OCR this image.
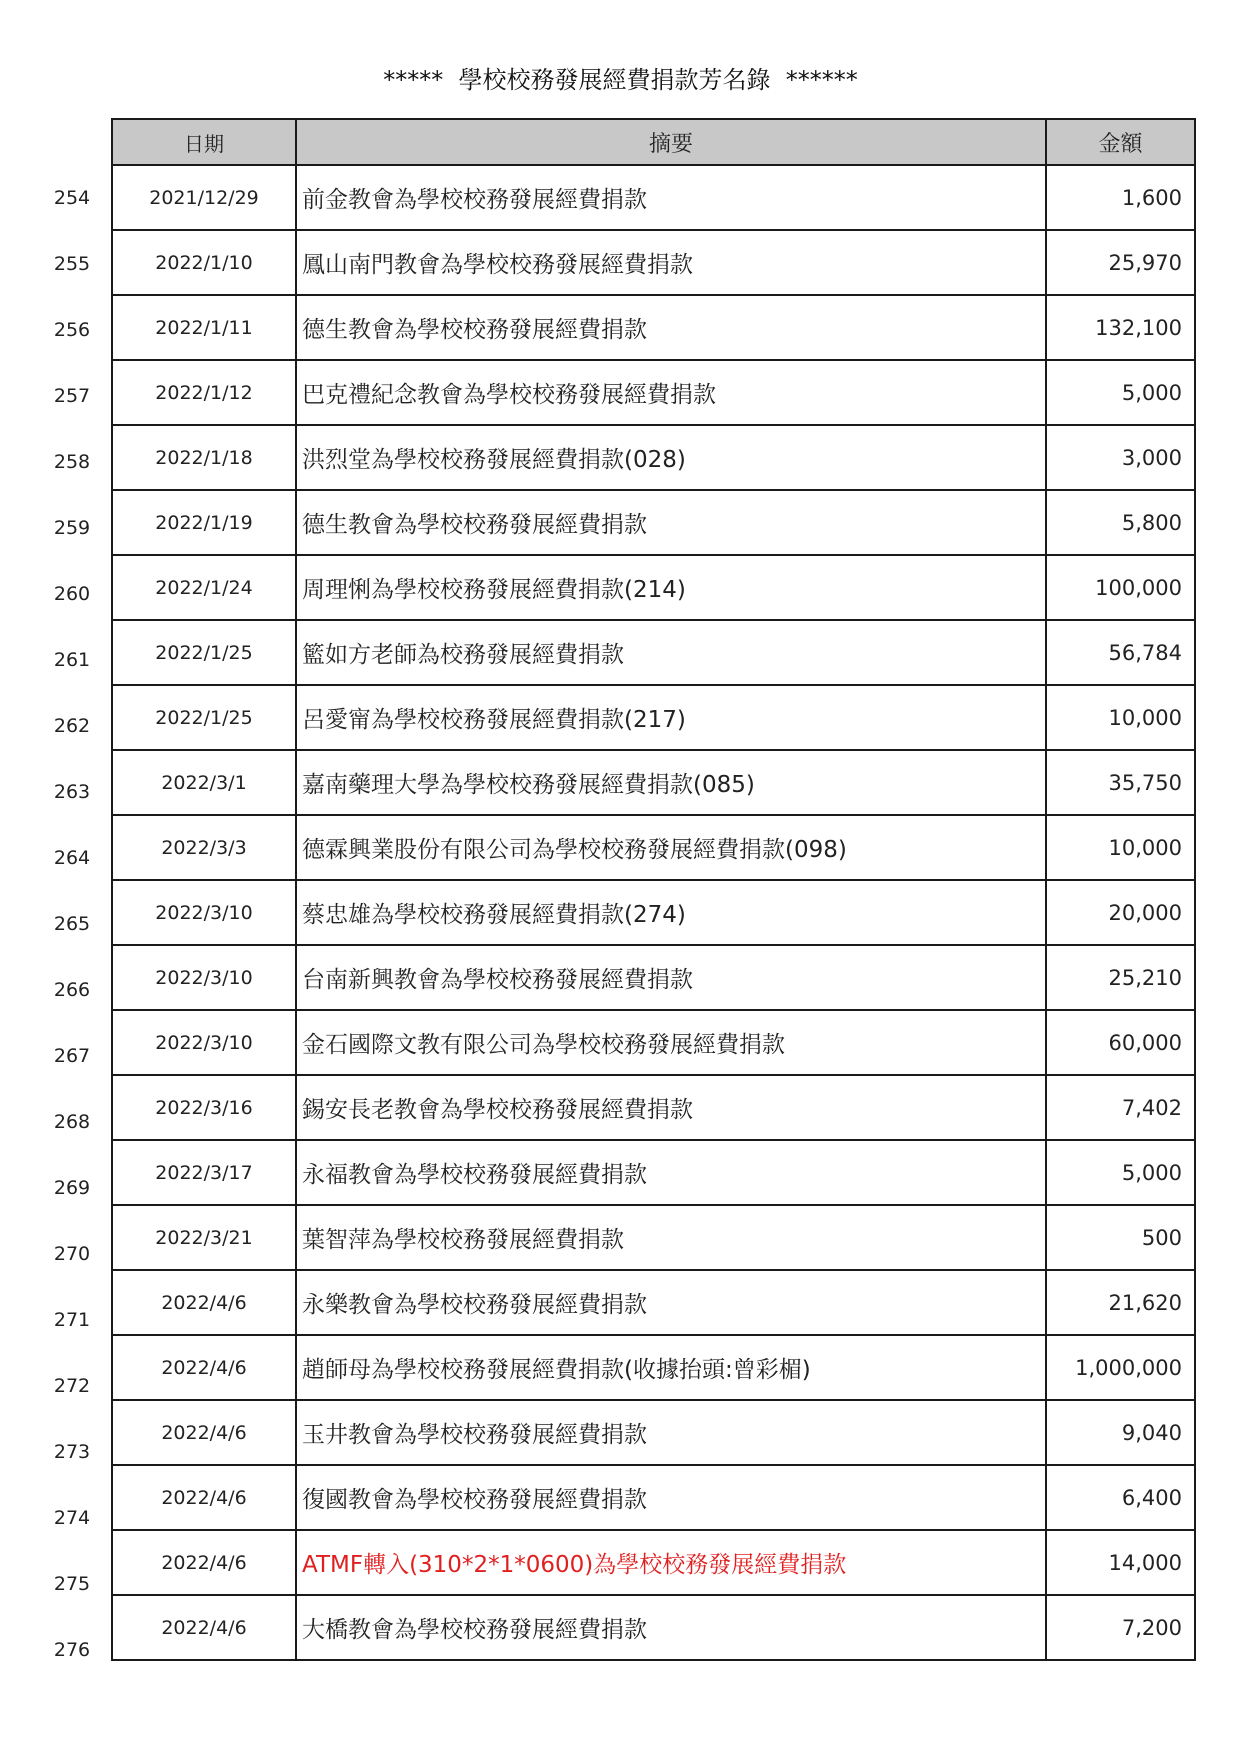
*****  學校校務發展經費捐款芳名錄  ******
254
255
256
257
258
259
260
261
262
263
264
265
266
267
268
269
270
271
272
273
274
275
276
日期	摘要	金額
2021/12/29	前金教會為學校校務發展經費捐款	1,600
2022/1/10	鳳山南門教會為學校校務發展經費捐款	25,970
2022/1/11	德生教會為學校校務發展經費捐款	132,100
2022/1/12	巴克禮紀念教會為學校校務發展經費捐款	5,000
2022/1/18	洪烈堂為學校校務發展經費捐款(028)	3,000
2022/1/19	德生教會為學校校務發展經費捐款	5,800
2022/1/24	周理悧為學校校務發展經費捐款(214)	100,000
2022/1/25	籃如方老師為校務發展經費捐款	56,784
2022/1/25	呂愛甯為學校校務發展經費捐款(217)	10,000
2022/3/1	嘉南藥理大學為學校校務發展經費捐款(085)	35,750
2022/3/3	德霖興業股份有限公司為學校校務發展經費捐款(098)	10,000
2022/3/10	蔡忠雄為學校校務發展經費捐款(274)	20,000
2022/3/10	台南新興教會為學校校務發展經費捐款	25,210
2022/3/10	金石國際文教有限公司為學校校務發展經費捐款	60,000
2022/3/16	錫安長老教會為學校校務發展經費捐款	7,402
2022/3/17	永福教會為學校校務發展經費捐款	5,000
2022/3/21	葉智萍為學校校務發展經費捐款	500
2022/4/6	永樂教會為學校校務發展經費捐款	21,620
2022/4/6	趙師母為學校校務發展經費捐款(收據抬頭:曾彩楣)	1,000,000
2022/4/6	玉井教會為學校校務發展經費捐款	9,040
2022/4/6	復國教會為學校校務發展經費捐款	6,400
2022/4/6	ATMF轉入(310*2*1*0600)為學校校務發展經費捐款	14,000
2022/4/6	大橋教會為學校校務發展經費捐款	7,200
